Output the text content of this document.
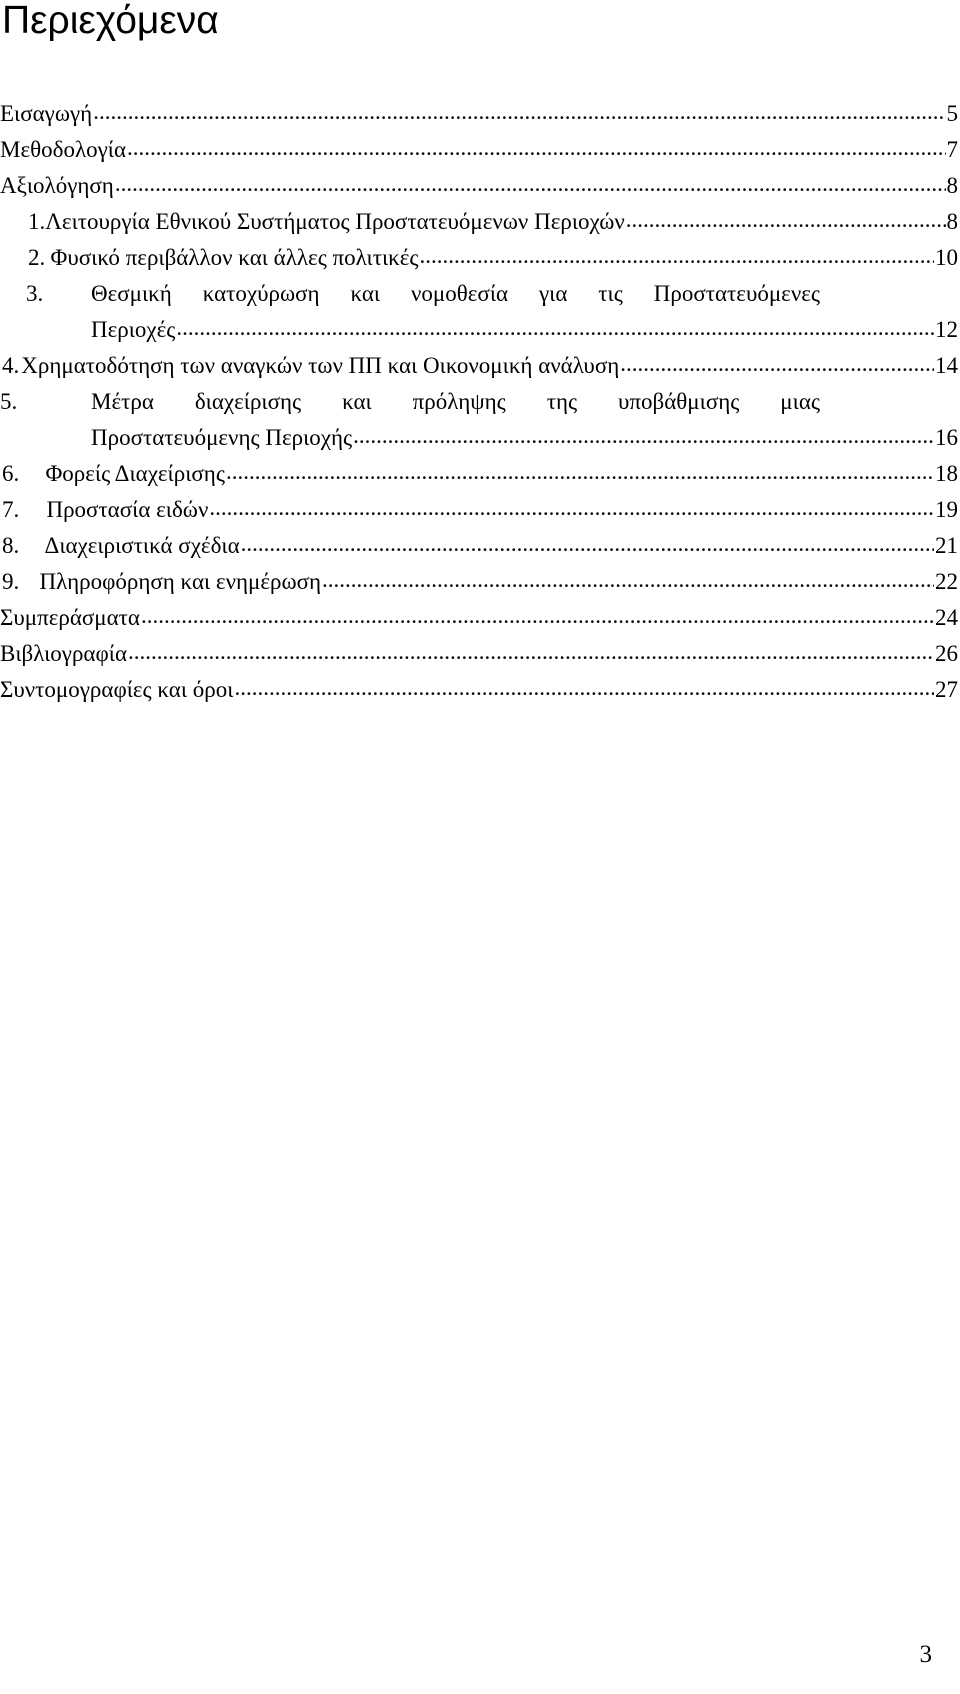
Περιεχόμενα
Εισαγωγή .....	5
Μεθοδολογία .....	7
Αξιολόγηση .....	8
1. Λειτουργία Εθνικού Συστήματος Προστατευόμενων Περιοχών .....	8
2. Φυσικό περιβάλλον και άλλες πολιτικές .....	10
3.	Θεσμική κατοχύρωση και νομοθεσία για τις Προστατευόμενες
Περιοχές .....	12
4. Χρηματοδότηση των αναγκών των ΠΠ και Οικονομική ανάλυση .....	14
5.	Μέτρα διαχείρισης και πρόληψης της υποβάθμισης μιας
Προστατευόμενης Περιοχής .....	16
6.	Φορείς Διαχείρισης .....	18
7.	Προστασία ειδών .....	19
8.	Διαχειριστικά σχέδια .....	21
9. Πληροφόρηση και ενημέρωση .....	22
Συμπεράσματα .....	24
Βιβλιογραφία .....	26
Συντομογραφίες και όροι .....	27
3
